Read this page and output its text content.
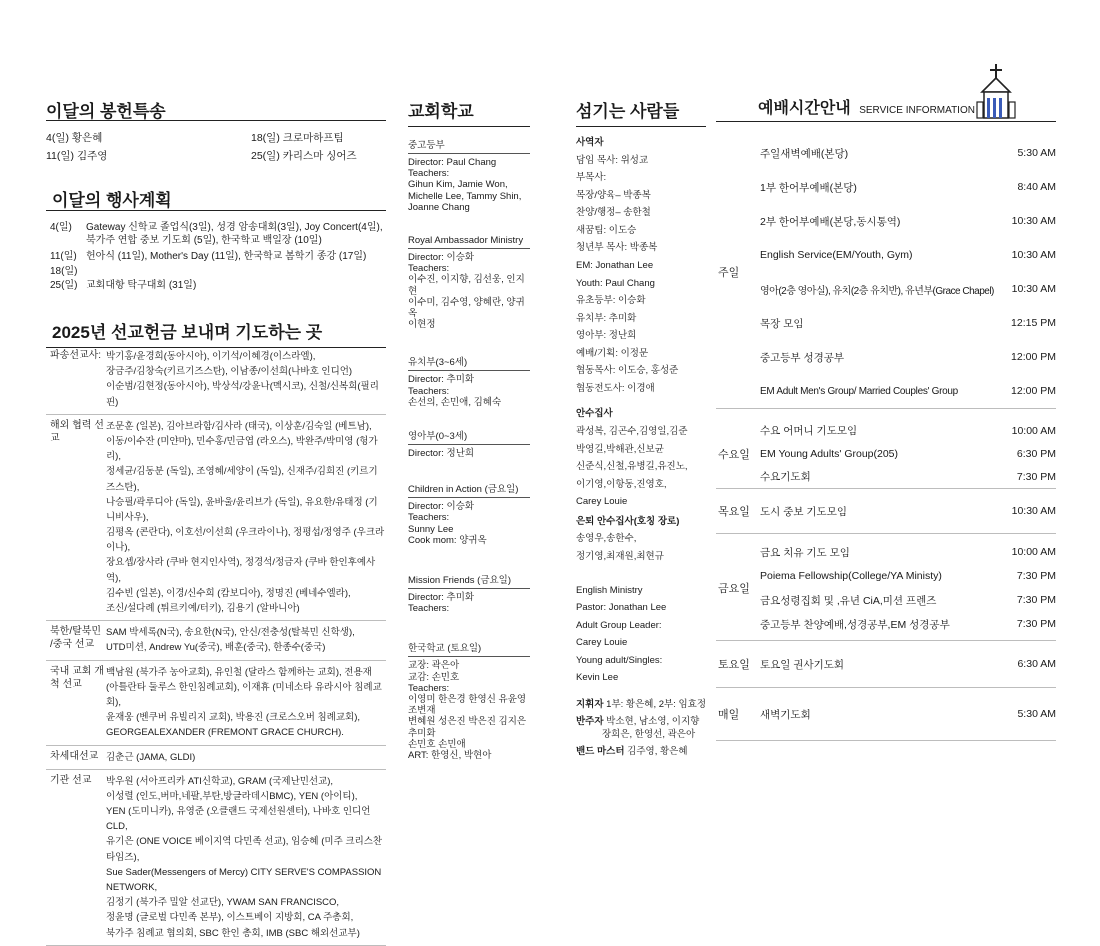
이달의 봉헌특송
4(일) 황은혜	18(일) 크로마하프팀
11(일) 김주영	25(일) 카리스마 싱어즈
이달의 행사계획
4(일)	Gateway 신학교 졸업식(3일), 성경 암송대회(3일), Joy Concert(4일), 북가주 연합 중보 기도회 (5일), 한국학교 백일장 (10일)
11(일) 헌아식 (11일), Mother's Day (11일), 한국학교 봄학기 종강 (17일)
18(일)
25(일) 교회대항 탁구대회 (31일)
2025년 선교헌금 보내며 기도하는 곳
파송선교사: 박기홍/윤경희(동아시아), 이기석/이혜경(이스라엘),
장금주/김창숙(키르기즈스탄), 이남종/이선희(나바호 인디언)
이순범/김현정(동아시아), 박상석/강윤나(멕시코), 신철/신복희(필리핀)
해외 협력 선교
조문훈 (일본), 김아브라함/김사라 (태국), 이상훈/김숙일 (베트남),
이동/이수잔 (미얀마), 민수홍/민금엽 (라오스), 박완주/박미영 (헝가리),
정세균/김동분 (독일), 조영혜/세양이 (독일), 신재주/김희진 (키르기즈스탄),
나승필/곽루디아 (독일), 윤바울/윤리브가 (독일), 유요한/유태정 (기니비사우),
김평옥 (콘란다), 이호선/이선희 (우크라이나), 정평섭/정영주 (우크라이나),
장요셉/장사라 (쿠바 현지인사역), 정경석/정금자 (쿠바 한인후예사역),
김수빈 (일본), 이경/신수희 (캄보디아), 정명진 (베네수엘라),
조신/설다례 (튀르키예/터키), 김용기 (알바니아)
북한/탈북민 /중국 선교
SAM 박세록(N국), 송요한(N국), 안신/전충성(탈북민 신학생),
UTD미션, Andrew Yu(중국), 배훈(중국), 한종수(중국)
국내 교회 개척 선교
백남원 (북가주 농아교회), 유인철 (달라스 함께하는 교회), 전용재
(아틀란타 둘루스 한인침례교회), 이재휴 (미네소타 유라시아 침례교회),
윤재웅 (벤쿠버 유빌리지 교회), 박용진 (크로스오버 침례교회),
GEORGEALEXANDER (FREMONT GRACE CHURCH).
차세대선교 김춘근 (JAMA, GLDI)
기관 선교	박우원 (서아프리카 ATI신학교), GRAM (국제난민선교),
이성렬 (인도,버마,네팔,부탄,방글라데시BMC), YEN (아이티),
YEN (도미니카), 유영준 (오클랜드 국제선원센터), 나바호 인디언 CLD,
유기은 (ONE VOICE 베이지역 다민족 선교), 임승혜 (미주 크리스찬 타임즈),
Sue Sader(Messengers of Mercy) CITY SERVE'S COMPASSION NETWORK,
김정기 (북가주 밀알 선교단), YWAM SAN FRANCISCO,
정윤명 (글로벌 다민족 본부), 이스트베이 지방회, CA 주총회,
북가주 침례교 협의회, SBC 한인 총회, IMB (SBC 해외선교부)
교회학교
중고등부
Director: Paul Chang
Teachers:
Gihun Kim, Jamie Won,
Michelle Lee, Tammy Shin,
Joanne Chang
Royal Ambassador Ministry
Director: 이승화
Teachers:
이수진, 이지향, 김선웅, 인지현
이수미, 김수영, 양혜란, 양귀옥
이현정
유치부(3~6세)
Director: 추미화
Teachers:
손선의, 손민애, 김혜숙
영아부(0~3세)
Director: 정난희
Children in Action (금요일)
Director: 이승화
Teachers:
Sunny Lee
Cook mom: 양귀옥
Mission Friends (금요일)
Director: 추미화
Teachers:
한국학교 (토요일)
교장: 곽은아
교감: 손민호
Teachers:
이영미 한은경 한영신 유윤영 조변재
변혜원 성은진 박은진 김지은 추미화
손민호 손민애
ART: 한영신, 박현아
섬기는 사람들
사역자
담임 목사: 위성교
부목사:
목장/양육– 박종복
찬양/행정– 송한철
새꿈팀: 이도승
청년부 목사: 박종복
EM: Jonathan Lee
Youth: Paul Chang
유초등부: 이승화
유치부: 추미화
영아부: 정난희
예배/기획: 이정문
협동목사: 이도승, 홍성준
협동전도사: 이경애
안수집사
곽성복, 김곤수,김영일,김준
박영길,박해관,신보균
신준식,신철,유병길,유진노,
이기영,이항동,진영호,
Carey Louie
은퇴 안수집사(호칭 장로)
송영우,송한수,
정기영,최재원,최현규
English Ministry
Pastor: Jonathan Lee
Adult Group Leader:
Carey Louie
Young adult/Singles:
Kevin Lee
지휘자 1부: 황은혜, 2부: 임효정
반주자 박소현, 남소영, 이지향
장희은, 한영선, 곽은아
밴드 마스터 김주영, 황은혜
예배시간안내 SERVICE INFORMATION
주일
주일새벽예배(본당)	5:30 AM
1부 한어부예배(본당)	8:40 AM
2부 한어부예배(본당,동시통역)	10:30 AM
English Service(EM/Youth, Gym)	10:30 AM
영아(2층 영아실), 유치(2층 유치반), 유년부(Grace Chapel) 10:30 AM
목장 모임	12:15 PM
중고등부 성경공부	12:00 PM
EM Adult Men's Group/ Married Couples' Group	12:00 PM
수요일
수요 어머니 기도모임	10:00 AM
EM Young Adults' Group(205)	6:30 PM
수요기도회	7:30 PM
목요일 도시 중보 기도모임	10:30 AM
금요일
금요 치유 기도 모임	10:00 AM
Poiema Fellowship(College/YA Ministy)	7:30 PM
금요성령집회 및 ,유년 CiA,미션 프렌즈	7:30 PM
중고등부 찬양예배,성경공부,EM 성경공부	7:30 PM
토요일 토요일 권사기도회	6:30 AM
매일	새벽기도회	5:30 AM
